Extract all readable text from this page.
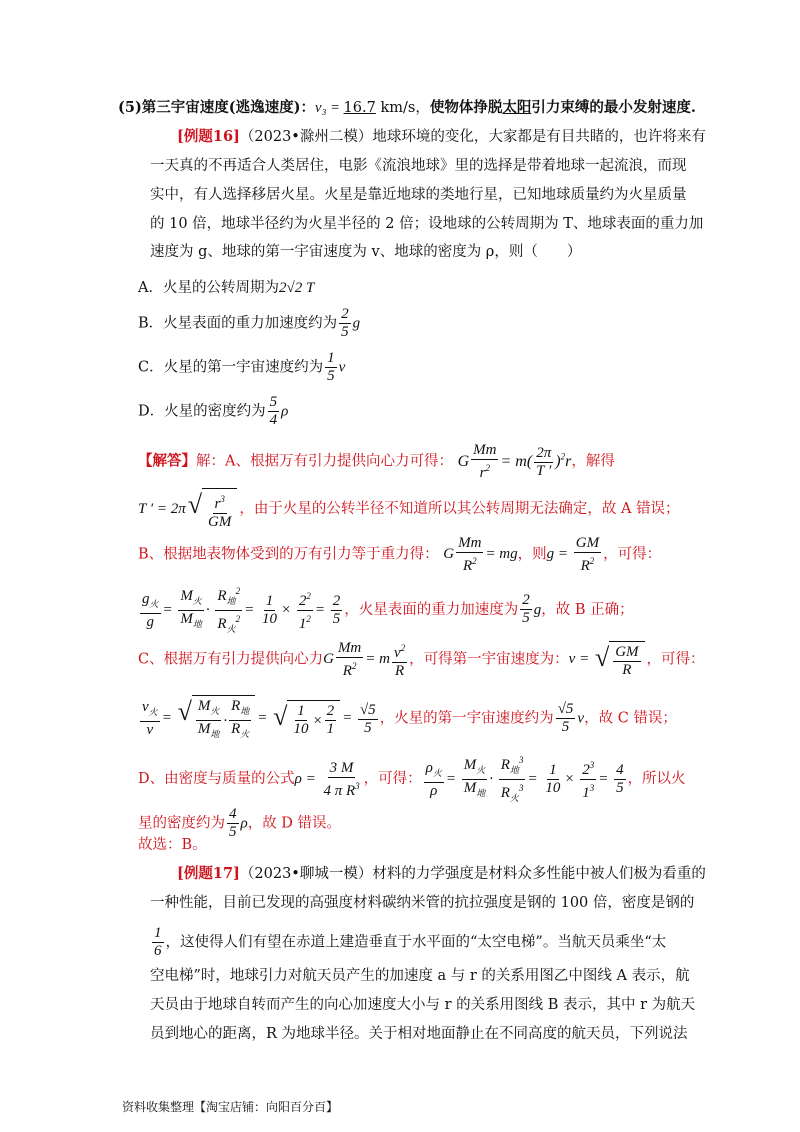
(5)第三宇宙速度(逃逸速度)：v₃ = 16.7 km/s，使物体挣脱太阳引力束缚的最小发射速度.
[例题16]（2023•滁州二模）地球环境的变化，大家都是有目共睹的，也许将来有
一天真的不再适合人类居住，电影《流浪地球》里的选择是带着地球一起流浪，而现
实中，有人选择移居火星。火星是靠近地球的类地行星，已知地球质量约为火星质量
的 10 倍，地球半径约为火星半径的 2 倍；设地球的公转周期为 T、地球表面的重力加
速度为 g、地球的第一宇宙速度为 v、地球的密度为 ρ，则（　　）
A．火星的公转周期为2√2 T
B．火星表面的重力加速度约为 $\frac{2}{5}$ g
C．火星的第一宇宙速度约为 $\frac{1}{5}$ v
D．火星的密度约为 $\frac{5}{4}$ ρ
【解答】解：A、根据万有引力提供向心力可得： G $\frac{Mm}{r^2} = m( \frac{2\pi}{T '} )^2r$，解得
T ′ = 2π √ $r^3$
GM
，由于火星的公转半径不知道所以其公转周期无法确定，故 A 错误；
B、根据地表物体受到的万有引力等于重力得： G $\frac{Mm}{R^2}$ = mg，则$g = \frac{GM}{R^2}$ ，可得：
$g_火$
g
=
$M_火$
$M_地$
·
$R_地^2$
$R_火^2$
= $\frac{1}{10} \times \frac{2^2}{1^2} = \frac{2}{5}$ ，火星表面的重力加速度为 $\frac{2}{5}$ g，故 B 正确；
C、根据万有引力提供向心力G $\frac{Mm}{R^2} = m \frac{v^2}{R}$ ，可得第一宇宙速度为：v = √ GM
R
，可得：
$v_火$
v
= √ $M_火$
$M_地$
·
$R_地$
$R_火$
= √ 1
10
×
2
1
= $\frac{√5}{5}$ ，火星的第一宇宙速度约为 $\frac{√5}{5}$ v，故 C 错误；
D、由密度与质量的公式$\rho = \frac{3 M}{4 \pi R^3}$ ，可得：
$\rho_火$
ρ
=
$M_火$
$M_地$
·
$R_地^3$
$R_火^3$
= $\frac{1}{10} \times \frac{2^3}{1^3} = \frac{4}{5}$ ，所以火
星的密度约为 $\frac{4}{5}$ ρ，故 D 错误。
故选：B。
[例题17]（2023•聊城一模）材料的力学强度是材料众多性能中被人们极为看重的
一种性能，目前已发现的高强度材料碳纳米管的抗拉强度是钢的 100 倍，密度是钢的
$\frac{1}{6}$ ，这使得人们有望在赤道上建造垂直于水平面的“太空电梯”。当航天员乘坐“太
空电梯”时，地球引力对航天员产生的加速度 a 与 r 的关系用图乙中图线 A 表示，航
天员由于地球自转而产生的向心加速度大小与 r 的关系用图线 B 表示，其中 r 为航天
员到地心的距离，R 为地球半径。关于相对地面静止在不同高度的航天员，下列说法
资料收集整理【淘宝店铺：向阳百分百】
